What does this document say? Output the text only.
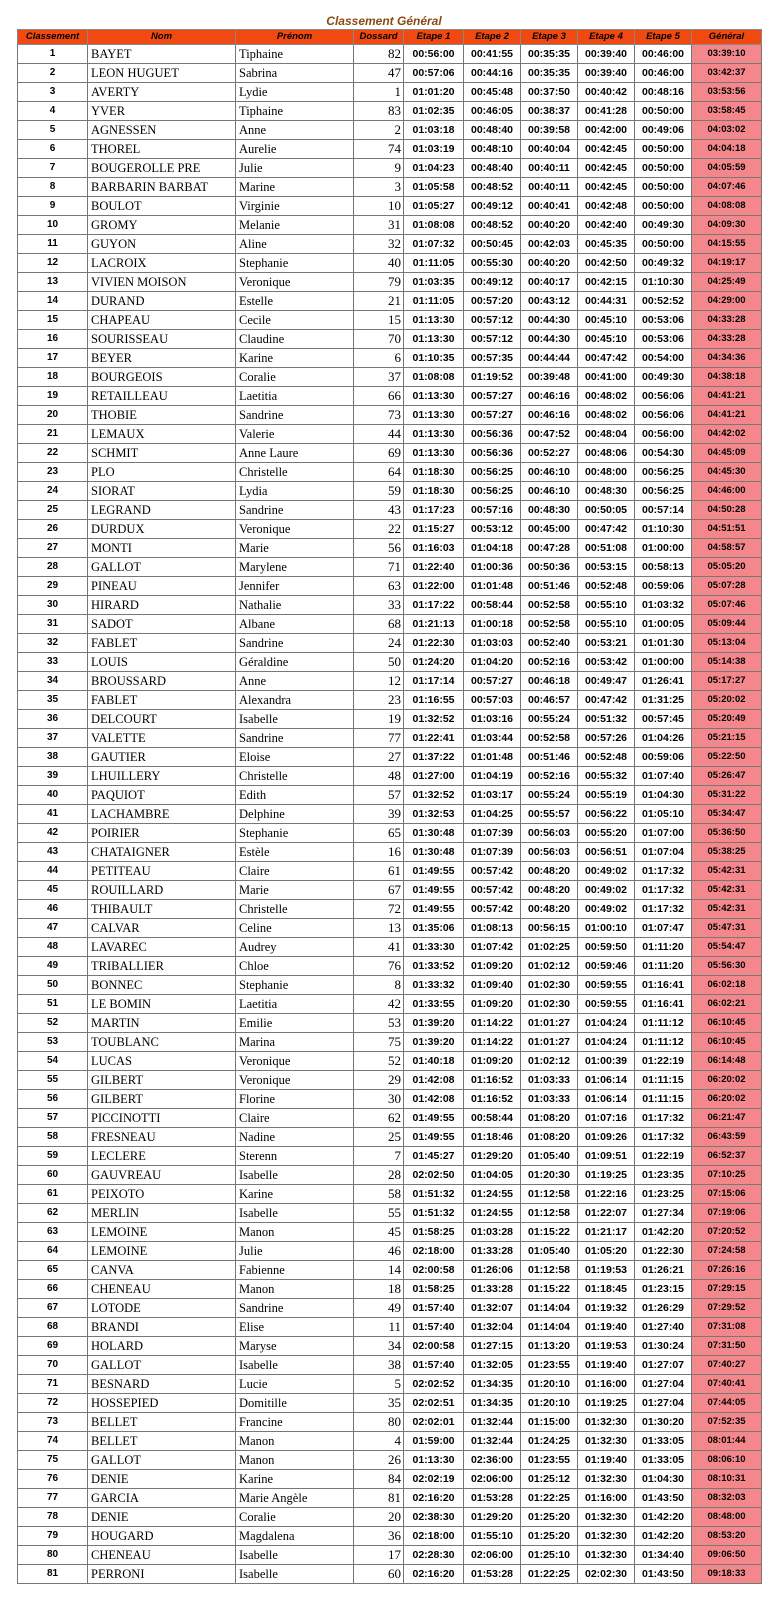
Classement Général
Classement	Nom	Prénom	Dossard	Etape 1	Etape 2	Etape 3	Etape 4	Etape 5	Général
1	BAYET	Tiphaine	82	00:56:00	00:41:55	00:35:35	00:39:40	00:46:00	03:39:10
2	LEON HUGUET	Sabrina	47	00:57:06	00:44:16	00:35:35	00:39:40	00:46:00	03:42:37
3	AVERTY	Lydie	1	01:01:20	00:45:48	00:37:50	00:40:42	00:48:16	03:53:56
4	YVER	Tiphaine	83	01:02:35	00:46:05	00:38:37	00:41:28	00:50:00	03:58:45
5	AGNESSEN	Anne	2	01:03:18	00:48:40	00:39:58	00:42:00	00:49:06	04:03:02
6	THOREL	Aurelie	74	01:03:19	00:48:10	00:40:04	00:42:45	00:50:00	04:04:18
7	BOUGEROLLE PRE	Julie	9	01:04:23	00:48:40	00:40:11	00:42:45	00:50:00	04:05:59
8	BARBARIN BARBAT	Marine	3	01:05:58	00:48:52	00:40:11	00:42:45	00:50:00	04:07:46
9	BOULOT	Virginie	10	01:05:27	00:49:12	00:40:41	00:42:48	00:50:00	04:08:08
10	GROMY	Melanie	31	01:08:08	00:48:52	00:40:20	00:42:40	00:49:30	04:09:30
11	GUYON	Aline	32	01:07:32	00:50:45	00:42:03	00:45:35	00:50:00	04:15:55
12	LACROIX	Stephanie	40	01:11:05	00:55:30	00:40:20	00:42:50	00:49:32	04:19:17
13	VIVIEN MOISON	Veronique	79	01:03:35	00:49:12	00:40:17	00:42:15	01:10:30	04:25:49
14	DURAND	Estelle	21	01:11:05	00:57:20	00:43:12	00:44:31	00:52:52	04:29:00
15	CHAPEAU	Cecile	15	01:13:30	00:57:12	00:44:30	00:45:10	00:53:06	04:33:28
16	SOURISSEAU	Claudine	70	01:13:30	00:57:12	00:44:30	00:45:10	00:53:06	04:33:28
17	BEYER	Karine	6	01:10:35	00:57:35	00:44:44	00:47:42	00:54:00	04:34:36
18	BOURGEOIS	Coralie	37	01:08:08	01:19:52	00:39:48	00:41:00	00:49:30	04:38:18
19	RETAILLEAU	Laetitia	66	01:13:30	00:57:27	00:46:16	00:48:02	00:56:06	04:41:21
20	THOBIE	Sandrine	73	01:13:30	00:57:27	00:46:16	00:48:02	00:56:06	04:41:21
21	LEMAUX	Valerie	44	01:13:30	00:56:36	00:47:52	00:48:04	00:56:00	04:42:02
22	SCHMIT	Anne Laure	69	01:13:30	00:56:36	00:52:27	00:48:06	00:54:30	04:45:09
23	PLO	Christelle	64	01:18:30	00:56:25	00:46:10	00:48:00	00:56:25	04:45:30
24	SIORAT	Lydia	59	01:18:30	00:56:25	00:46:10	00:48:30	00:56:25	04:46:00
25	LEGRAND	Sandrine	43	01:17:23	00:57:16	00:48:30	00:50:05	00:57:14	04:50:28
26	DURDUX	Veronique	22	01:15:27	00:53:12	00:45:00	00:47:42	01:10:30	04:51:51
27	MONTI	Marie	56	01:16:03	01:04:18	00:47:28	00:51:08	01:00:00	04:58:57
28	GALLOT	Marylene	71	01:22:40	01:00:36	00:50:36	00:53:15	00:58:13	05:05:20
29	PINEAU	Jennifer	63	01:22:00	01:01:48	00:51:46	00:52:48	00:59:06	05:07:28
30	HIRARD	Nathalie	33	01:17:22	00:58:44	00:52:58	00:55:10	01:03:32	05:07:46
31	SADOT	Albane	68	01:21:13	01:00:18	00:52:58	00:55:10	01:00:05	05:09:44
32	FABLET	Sandrine	24	01:22:30	01:03:03	00:52:40	00:53:21	01:01:30	05:13:04
33	LOUIS	Géraldine	50	01:24:20	01:04:20	00:52:16	00:53:42	01:00:00	05:14:38
34	BROUSSARD	Anne	12	01:17:14	00:57:27	00:46:18	00:49:47	01:26:41	05:17:27
35	FABLET	Alexandra	23	01:16:55	00:57:03	00:46:57	00:47:42	01:31:25	05:20:02
36	DELCOURT	Isabelle	19	01:32:52	01:03:16	00:55:24	00:51:32	00:57:45	05:20:49
37	VALETTE	Sandrine	77	01:22:41	01:03:44	00:52:58	00:57:26	01:04:26	05:21:15
38	GAUTIER	Eloise	27	01:37:22	01:01:48	00:51:46	00:52:48	00:59:06	05:22:50
39	LHUILLERY	Christelle	48	01:27:00	01:04:19	00:52:16	00:55:32	01:07:40	05:26:47
40	PAQUIOT	Edith	57	01:32:52	01:03:17	00:55:24	00:55:19	01:04:30	05:31:22
41	LACHAMBRE	Delphine	39	01:32:53	01:04:25	00:55:57	00:56:22	01:05:10	05:34:47
42	POIRIER	Stephanie	65	01:30:48	01:07:39	00:56:03	00:55:20	01:07:00	05:36:50
43	CHATAIGNER	Estèle	16	01:30:48	01:07:39	00:56:03	00:56:51	01:07:04	05:38:25
44	PETITEAU	Claire	61	01:49:55	00:57:42	00:48:20	00:49:02	01:17:32	05:42:31
45	ROUILLARD	Marie	67	01:49:55	00:57:42	00:48:20	00:49:02	01:17:32	05:42:31
46	THIBAULT	Christelle	72	01:49:55	00:57:42	00:48:20	00:49:02	01:17:32	05:42:31
47	CALVAR	Celine	13	01:35:06	01:08:13	00:56:15	01:00:10	01:07:47	05:47:31
48	LAVAREC	Audrey	41	01:33:30	01:07:42	01:02:25	00:59:50	01:11:20	05:54:47
49	TRIBALLIER	Chloe	76	01:33:52	01:09:20	01:02:12	00:59:46	01:11:20	05:56:30
50	BONNEC	Stephanie	8	01:33:32	01:09:40	01:02:30	00:59:55	01:16:41	06:02:18
51	LE BOMIN	Laetitia	42	01:33:55	01:09:20	01:02:30	00:59:55	01:16:41	06:02:21
52	MARTIN	Emilie	53	01:39:20	01:14:22	01:01:27	01:04:24	01:11:12	06:10:45
53	TOUBLANC	Marina	75	01:39:20	01:14:22	01:01:27	01:04:24	01:11:12	06:10:45
54	LUCAS	Veronique	52	01:40:18	01:09:20	01:02:12	01:00:39	01:22:19	06:14:48
55	GILBERT	Veronique	29	01:42:08	01:16:52	01:03:33	01:06:14	01:11:15	06:20:02
56	GILBERT	Florine	30	01:42:08	01:16:52	01:03:33	01:06:14	01:11:15	06:20:02
57	PICCINOTTI	Claire	62	01:49:55	00:58:44	01:08:20	01:07:16	01:17:32	06:21:47
58	FRESNEAU	Nadine	25	01:49:55	01:18:46	01:08:20	01:09:26	01:17:32	06:43:59
59	LECLERE	Sterenn	7	01:45:27	01:29:20	01:05:40	01:09:51	01:22:19	06:52:37
60	GAUVREAU	Isabelle	28	02:02:50	01:04:05	01:20:30	01:19:25	01:23:35	07:10:25
61	PEIXOTO	Karine	58	01:51:32	01:24:55	01:12:58	01:22:16	01:23:25	07:15:06
62	MERLIN	Isabelle	55	01:51:32	01:24:55	01:12:58	01:22:07	01:27:34	07:19:06
63	LEMOINE	Manon	45	01:58:25	01:03:28	01:15:22	01:21:17	01:42:20	07:20:52
64	LEMOINE	Julie	46	02:18:00	01:33:28	01:05:40	01:05:20	01:22:30	07:24:58
65	CANVA	Fabienne	14	02:00:58	01:26:06	01:12:58	01:19:53	01:26:21	07:26:16
66	CHENEAU	Manon	18	01:58:25	01:33:28	01:15:22	01:18:45	01:23:15	07:29:15
67	LOTODE	Sandrine	49	01:57:40	01:32:07	01:14:04	01:19:32	01:26:29	07:29:52
68	BRANDI	Elise	11	01:57:40	01:32:04	01:14:04	01:19:40	01:27:40	07:31:08
69	HOLARD	Maryse	34	02:00:58	01:27:15	01:13:20	01:19:53	01:30:24	07:31:50
70	GALLOT	Isabelle	38	01:57:40	01:32:05	01:23:55	01:19:40	01:27:07	07:40:27
71	BESNARD	Lucie	5	02:02:52	01:34:35	01:20:10	01:16:00	01:27:04	07:40:41
72	HOSSEPIED	Domitille	35	02:02:51	01:34:35	01:20:10	01:19:25	01:27:04	07:44:05
73	BELLET	Francine	80	02:02:01	01:32:44	01:15:00	01:32:30	01:30:20	07:52:35
74	BELLET	Manon	4	01:59:00	01:32:44	01:24:25	01:32:30	01:33:05	08:01:44
75	GALLOT	Manon	26	01:13:30	02:36:00	01:23:55	01:19:40	01:33:05	08:06:10
76	DENIE	Karine	84	02:02:19	02:06:00	01:25:12	01:32:30	01:04:30	08:10:31
77	GARCIA	Marie Angèle	81	02:16:20	01:53:28	01:22:25	01:16:00	01:43:50	08:32:03
78	DENIE	Coralie	20	02:38:30	01:29:20	01:25:20	01:32:30	01:42:20	08:48:00
79	HOUGARD	Magdalena	36	02:18:00	01:55:10	01:25:20	01:32:30	01:42:20	08:53:20
80	CHENEAU	Isabelle	17	02:28:30	02:06:00	01:25:10	01:32:30	01:34:40	09:06:50
81	PERRONI	Isabelle	60	02:16:20	01:53:28	01:22:25	02:02:30	01:43:50	09:18:33
